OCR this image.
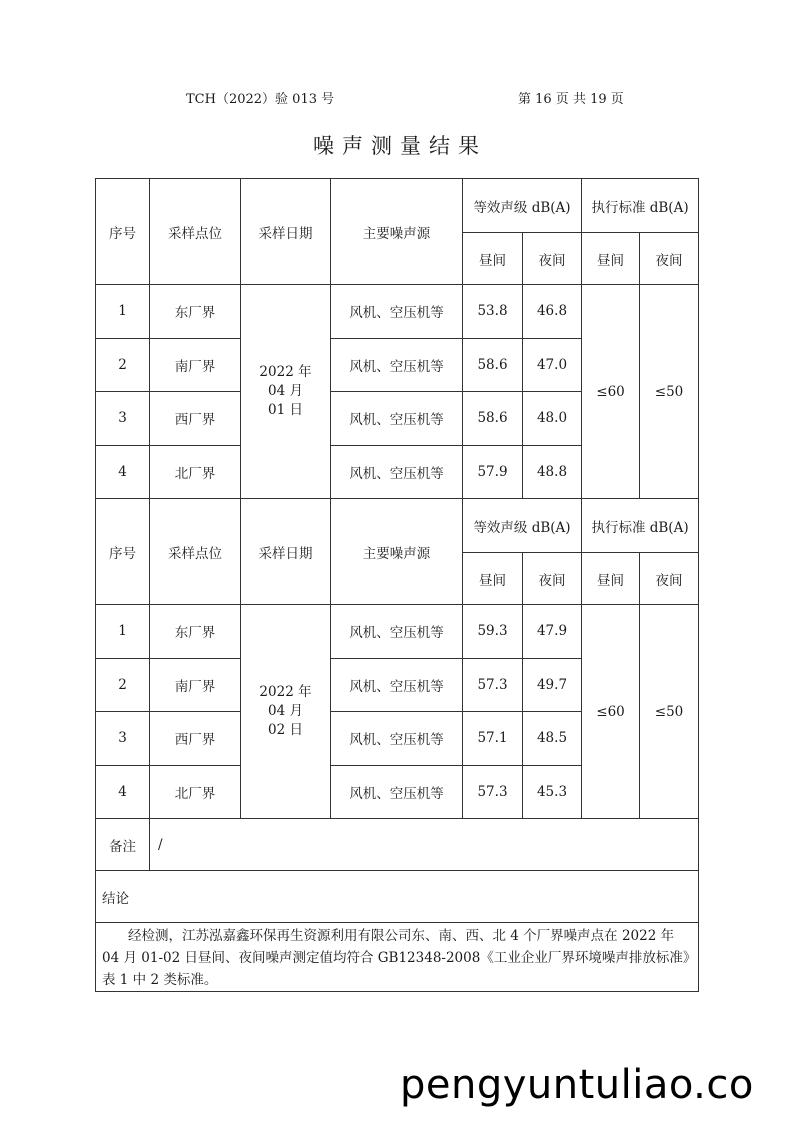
TCH（2022）验 013 号	第 16 页 共 19 页
噪声测量结果
序号	采样点位	采样日期	主要噪声源	等效声级 dB(A)		执行标准 dB(A)	
				昼间	夜间	昼间	夜间
1	东厂界	2022 年
04 月
01 日	风机、空压机等	53.8	46.8	≤60	≤50
2	南厂界		风机、空压机等	58.6	47.0		
3	西厂界		风机、空压机等	58.6	48.0		
4	北厂界		风机、空压机等	57.9	48.8		
序号	采样点位	采样日期	主要噪声源	等效声级 dB(A)		执行标准 dB(A)	
				昼间	夜间	昼间	夜间
1	东厂界	2022 年
04 月
02 日	风机、空压机等	59.3	47.9	≤60	≤50
2	南厂界		风机、空压机等	57.3	49.7		
3	西厂界		风机、空压机等	57.1	48.5		
4	北厂界		风机、空压机等	57.3	45.3		
备注	/						
结论							
经检测，江苏泓嘉鑫环保再生资源利用有限公司东、南、西、北 4 个厂界噪声点在 2022 年 04 月 01-02 日昼间、夜间噪声测定值均符合 GB12348-2008《工业企业厂界环境噪声排放标准》表 1 中 2 类标准。							
pengyuntuliao.co
